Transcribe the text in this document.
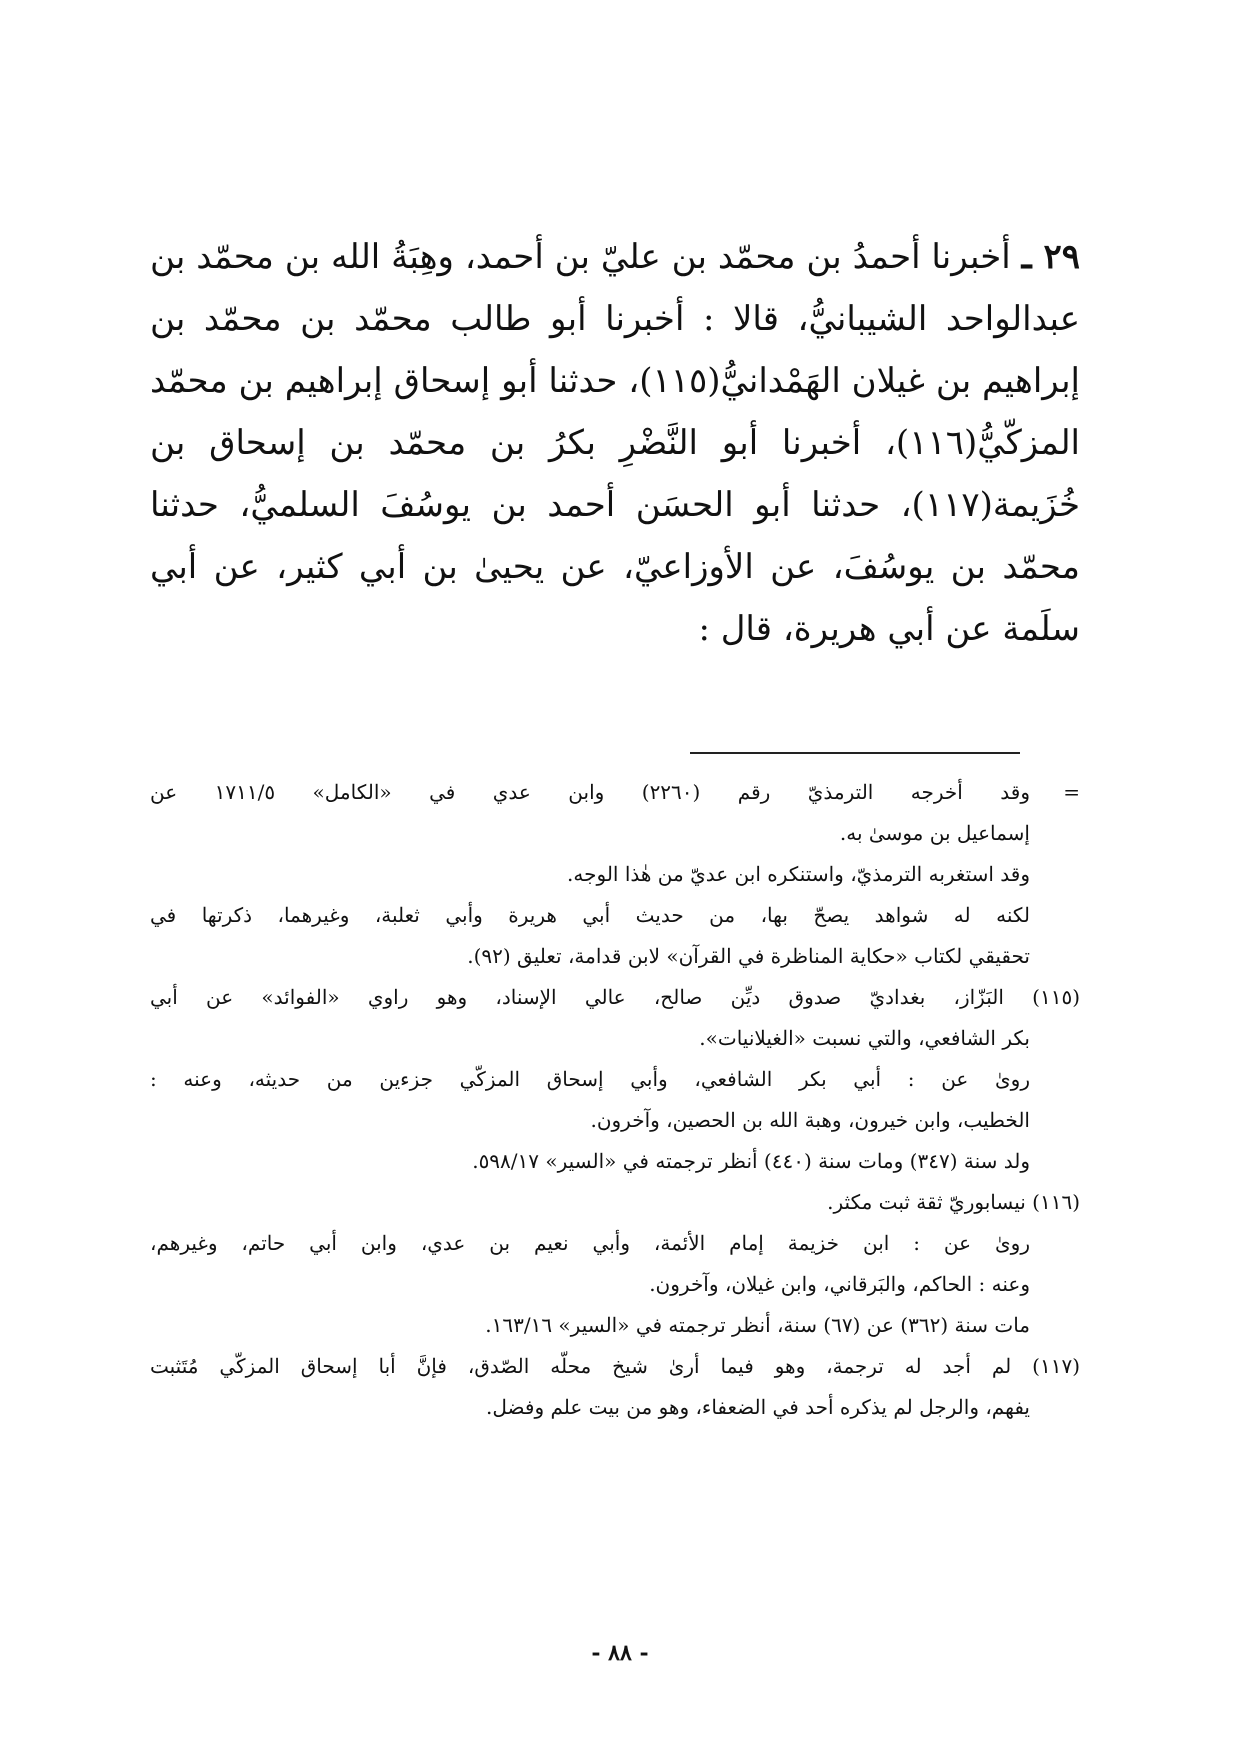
٢٩ ـ أخبرنا أحمدُ بن محمّد بن عليّ بن أحمد، وهِبَةُ الله بن محمّد بن عبدالواحد الشيبانيُّ، قالا : أخبرنا أبو طالب محمّد بن محمّد بن إبراهيم بن غيلان الهَمْدانيُّ(١١٥)، حدثنا أبو إسحاق إبراهيم بن محمّد المزكّيُّ(١١٦)، أخبرنا أبو النَّضْرِ بكرُ بن محمّد بن إسحاق بن خُزَيمة(١١٧)، حدثنا أبو الحسَن أحمد بن يوسُفَ السلميُّ، حدثنا محمّد بن يوسُفَ، عن الأوزاعيّ، عن يحيىٰ بن أبي كثير، عن أبي سلَمة عن أبي هريرة، قال :

=وقد أخرجه الترمذيّ رقم (٢٢٦٠) وابن عدي في «الكامل» ١٧١١/٥ عن
إسماعيل بن موسىٰ به.
وقد استغربه الترمذيّ، واستنكره ابن عديّ من هٰذا الوجه.
لكنه له شواهد يصحّ بها، من حديث أبي هريرة وأبي ثعلبة، وغيرهما، ذكرتها في
تحقيقي لكتاب «حكاية المناظرة في القرآن» لابن قدامة، تعليق (٩٢).
(١١٥) البَزّاز، بغداديّ صدوق ديِّن صالح، عالي الإسناد، وهو راوي «الفوائد» عن أبي
بكر الشافعي، والتي نسبت «الغيلانيات».
روىٰ عن : أبي بكر الشافعي، وأبي إسحاق المزكّي جزءين من حديثه، وعنه :
الخطيب، وابن خيرون، وهبة الله بن الحصين، وآخرون.
ولد سنة (٣٤٧) ومات سنة (٤٤٠) أنظر ترجمته في «السير» ٥٩٨/١٧.
(١١٦) نيسابوريّ ثقة ثبت مكثر.
روىٰ عن : ابن خزيمة إمام الأئمة، وأبي نعيم بن عدي، وابن أبي حاتم، وغيرهم،
وعنه : الحاكم، والبَرقاني، وابن غيلان، وآخرون.
مات سنة (٣٦٢) عن (٦٧) سنة، أنظر ترجمته في «السير» ١٦٣/١٦.
(١١٧) لم أجد له ترجمة، وهو فيما أرىٰ شيخ محلّه الصّدق، فإنَّ أبا إسحاق المزكّي مُتَثبت
يفهم، والرجل لم يذكره أحد في الضعفاء، وهو من بيت علم وفضل.
- ٨٨ -
